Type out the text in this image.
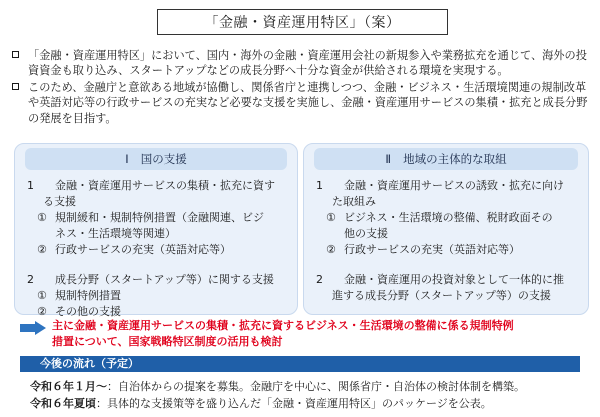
「金融・資産運用特区」（案）
「金融・資産運用特区」において、国内・海外の金融・資産運用会社の新規参入や業務拡充を通じて、海外の投資資金も取り込み、スタートアップなどの成長分野へ十分な資金が供給される環境を実現する。
このため、金融庁と意欲ある地域が協働し、関係省庁と連携しつつ、金融・ビジネス・生活環境関連の規制改革や英語対応等の行政サービスの充実など必要な支援を実施し、金融・資産運用サービスの集積・拡充と成長分野の発展を目指す。
Ⅰ 国の支援
1	金融・資産運用サービスの集積・拡充に資す
る支援
① 規制緩和・規制特例措置（金融関連、ビジ
ネス・生活環境等関連）
② 行政サービスの充実（英語対応等）
2	成長分野（スタートアップ等）に関する支援
① 規制特例措置
② その他の支援
Ⅱ 地域の主体的な取組
1	金融・資産運用サービスの誘致・拡充に向け
た取組み
① ビジネス・生活環境の整備、税財政面その
他の支援
② 行政サービスの充実（英語対応等）
2	金融・資産運用の投資対象として一体的に推
進する成長分野（スタートアップ等）の支援
主に金融・資産運用サービスの集積・拡充に資するビジネス・生活環境の整備に係る規制特例
措置について、国家戦略特区制度の活用も検討
今後の流れ（予定）
令和６年１月～：自治体からの提案を募集。金融庁を中心に、関係省庁・自治体の検討体制を構築。
令和６年夏頃：具体的な支援策等を盛り込んだ「金融・資産運用特区」のパッケージを公表。
